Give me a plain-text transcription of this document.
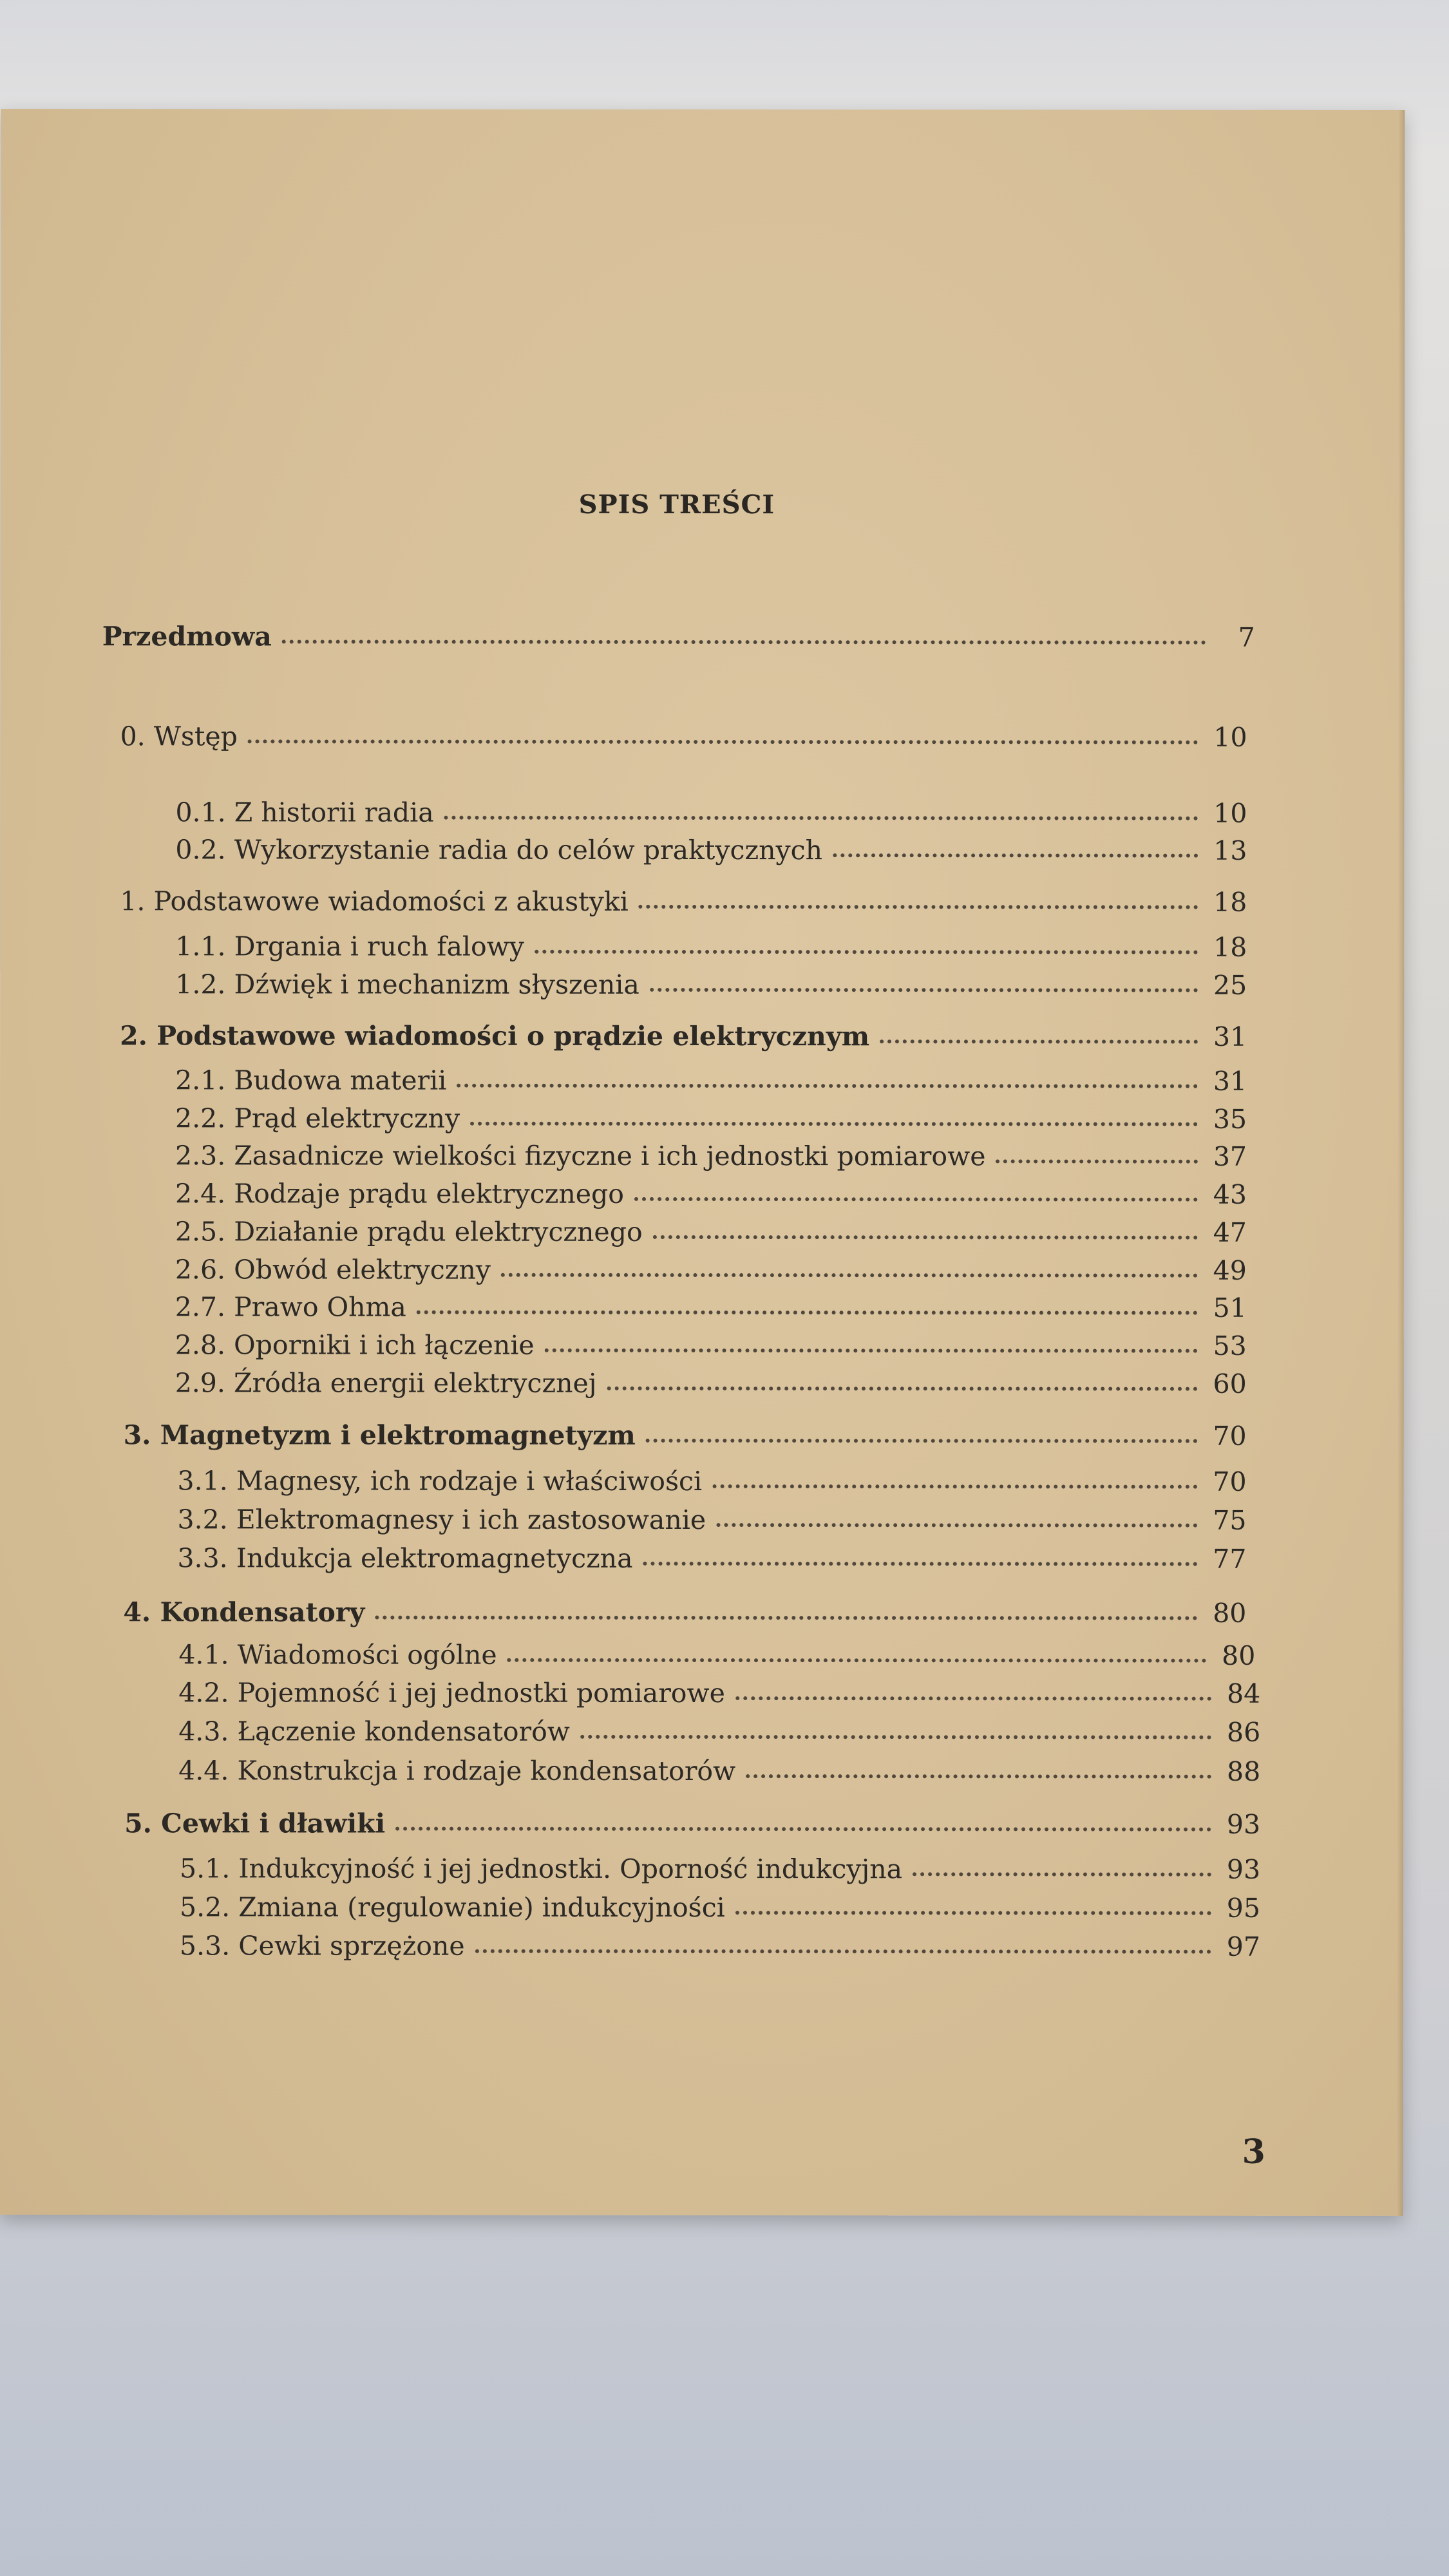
SPIS TREŚCI
Przedmowa	7
0. Wstęp	10
0.1. Z historii radia	10
0.2. Wykorzystanie radia do celów praktycznych	13
1. Podstawowe wiadomości z akustyki	18
1.1. Drgania i ruch falowy	18
1.2. Dźwięk i mechanizm słyszenia	25
2. Podstawowe wiadomości o prądzie elektrycznym	31
2.1. Budowa materii	31
2.2. Prąd elektryczny	35
2.3. Zasadnicze wielkości fizyczne i ich jednostki pomiarowe	37
2.4. Rodzaje prądu elektrycznego	43
2.5. Działanie prądu elektrycznego	47
2.6. Obwód elektryczny	49
2.7. Prawo Ohma	51
2.8. Oporniki i ich łączenie	53
2.9. Źródła energii elektrycznej	60
3. Magnetyzm i elektromagnetyzm	70
3.1. Magnesy, ich rodzaje i właściwości	70
3.2. Elektromagnesy i ich zastosowanie	75
3.3. Indukcja elektromagnetyczna	77
4. Kondensatory	80
4.1. Wiadomości ogólne	80
4.2. Pojemność i jej jednostki pomiarowe	84
4.3. Łączenie kondensatorów	86
4.4. Konstrukcja i rodzaje kondensatorów	88
5. Cewki i dławiki	93
5.1. Indukcyjność i jej jednostki. Oporność indukcyjna	93
5.2. Zmiana (regulowanie) indukcyjności	95
5.3. Cewki sprzężone	97
3
